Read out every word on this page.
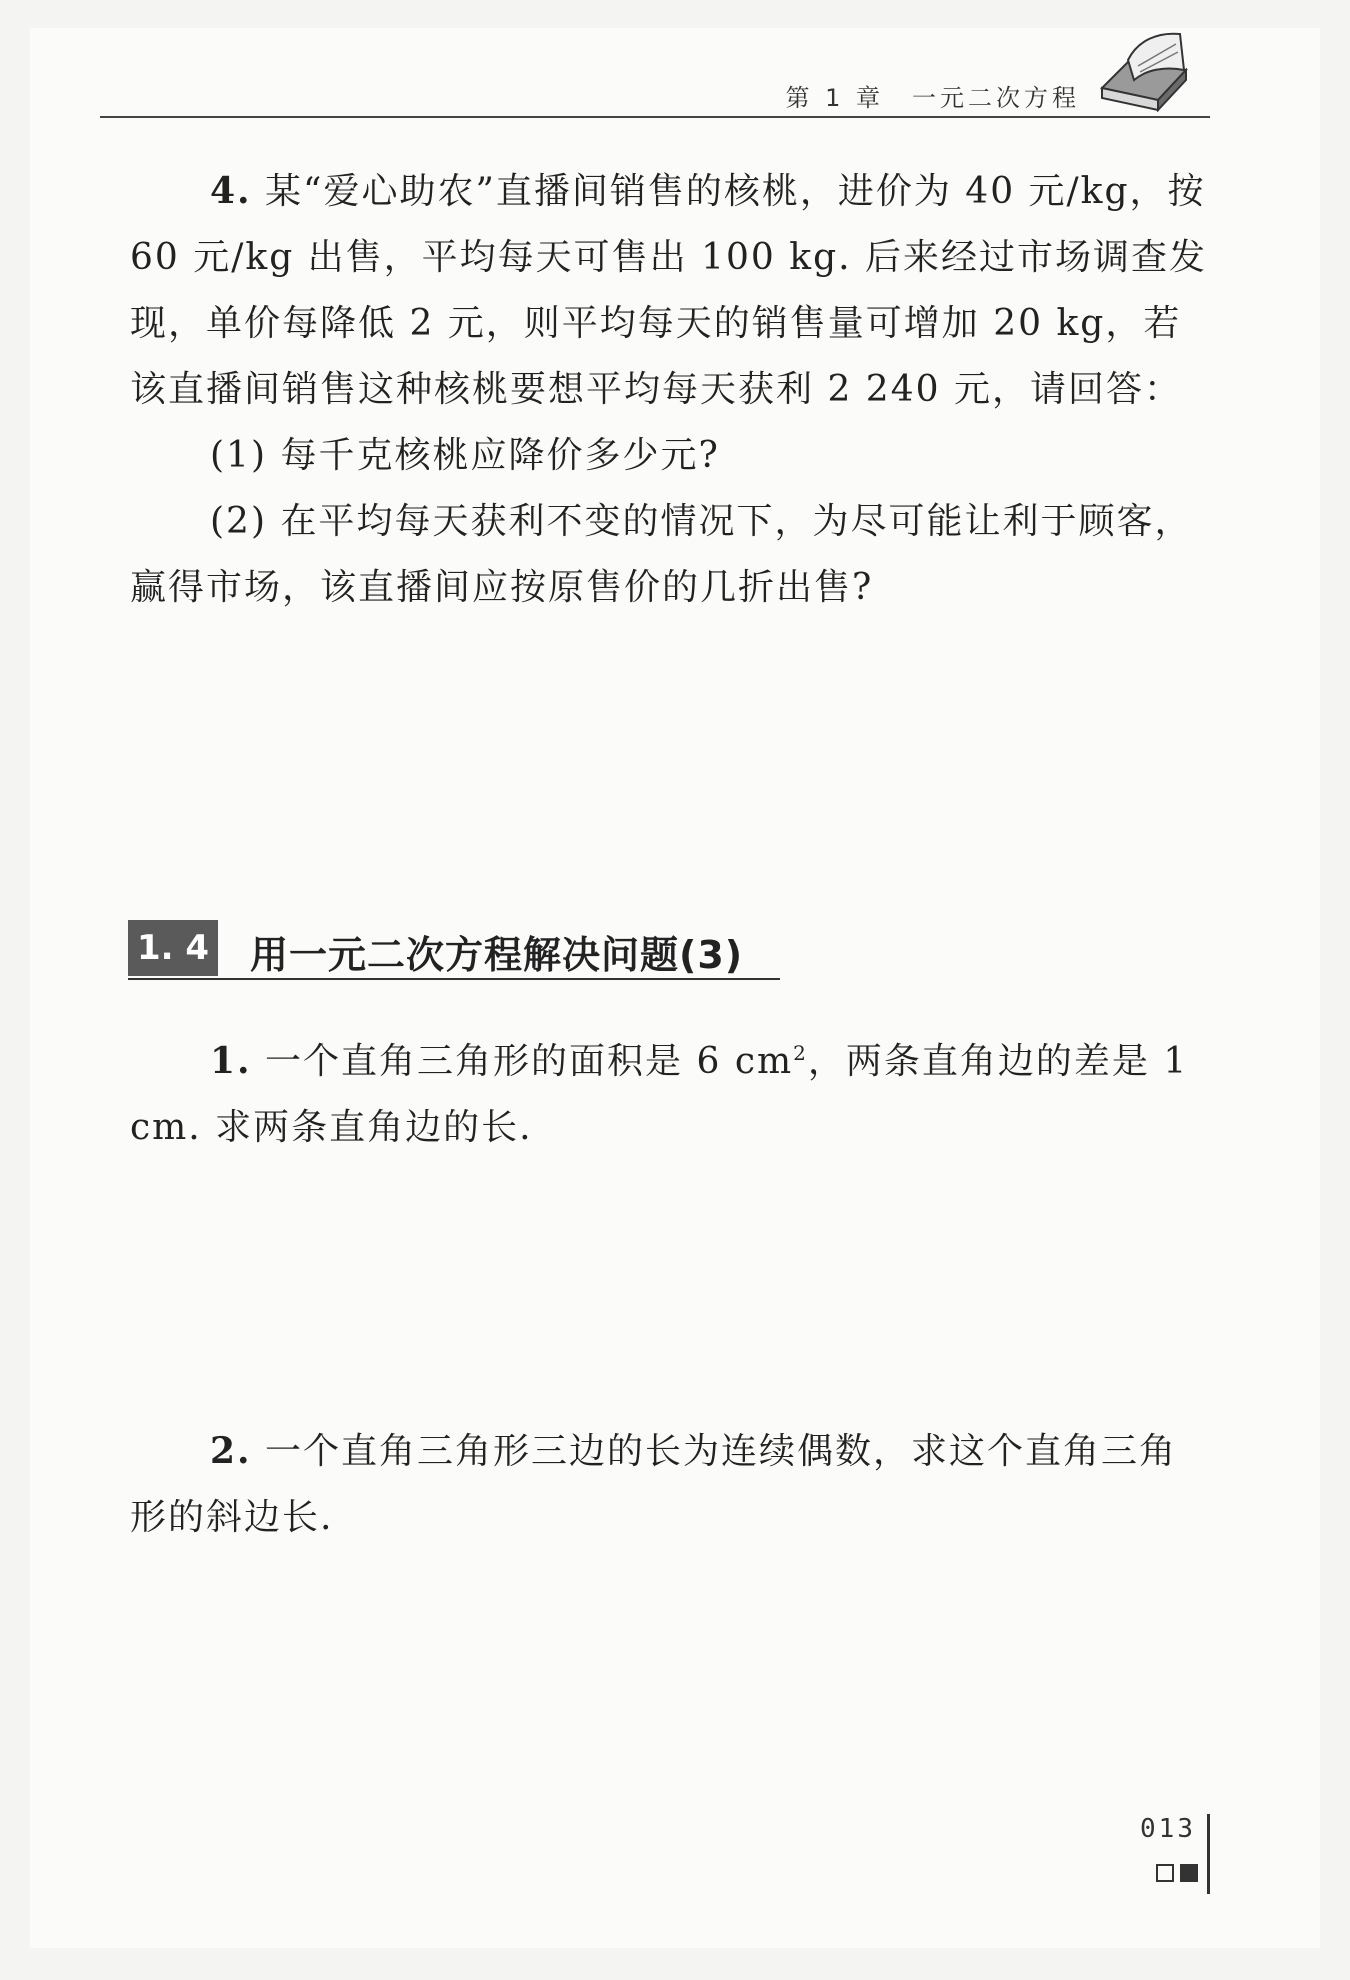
第 1 章　一元二次方程

4. 某“爱心助农”直播间销售的核桃，进价为 40 元/kg，按 60 元/kg 出售，平均每天可售出 100 kg. 后来经过市场调查发现，单价每降低 2 元，则平均每天的销售量可增加 20 kg，若该直播间销售这种核桃要想平均每天获利 2 240 元，请回答：

(1) 每千克核桃应降价多少元?

(2) 在平均每天获利不变的情况下，为尽可能让利于顾客，赢得市场，该直播间应按原售价的几折出售?

1. 4 用一元二次方程解决问题(3)

1. 一个直角三角形的面积是 6 $cm^2$，两条直角边的差是 1 cm. 求两条直角边的长.

2. 一个直角三角形三边的长为连续偶数，求这个直角三角形的斜边长.

013
